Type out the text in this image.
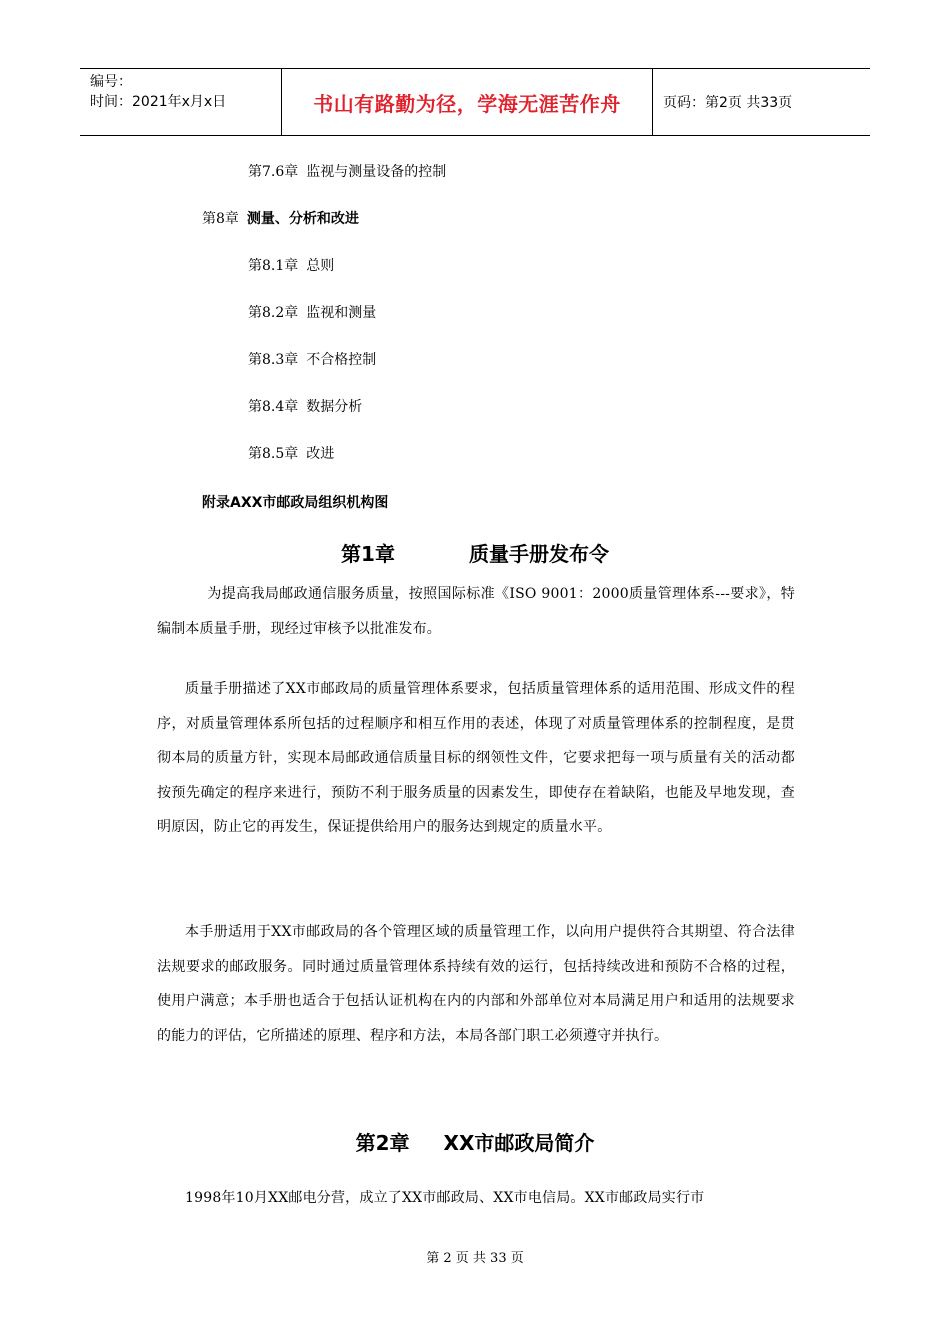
编号：
时间：2021年x月x日	书山有路勤为径，学海无涯苦作舟	页码：第2页 共33页
第7.6章 监视与测量设备的控制
第8章 测量、分析和改进
第8.1章 总则
第8.2章 监视和测量
第8.3章 不合格控制
第8.4章 数据分析
第8.5章 改进
附录AXX市邮政局组织机构图
第1章	质量手册发布令

为提高我局邮政通信服务质量，按照国际标准《ISO 9001：2000质量管理体系---要求》，特编制本质量手册，现经过审核予以批准发布。

质量手册描述了XX市邮政局的质量管理体系要求，包括质量管理体系的适用范围、形成文件的程序，对质量管理体系所包括的过程顺序和相互作用的表述，体现了对质量管理体系的控制程度，是贯彻本局的质量方针，实现本局邮政通信质量目标的纲领性文件，它要求把每一项与质量有关的活动都按预先确定的程序来进行，预防不利于服务质量的因素发生，即使存在着缺陷，也能及早地发现，查明原因，防止它的再发生，保证提供给用户的服务达到规定的质量水平。

本手册适用于XX市邮政局的各个管理区域的质量管理工作，以向用户提供符合其期望、符合法律法规要求的邮政服务。同时通过质量管理体系持续有效的运行，包括持续改进和预防不合格的过程，使用户满意；本手册也适合于包括认证机构在内的内部和外部单位对本局满足用户和适用的法规要求的能力的评估，它所描述的原理、程序和方法，本局各部门职工必须遵守并执行。

第2章 XX市邮政局简介

1998年10月XX邮电分营，成立了XX市邮政局、XX市电信局。XX市邮政局实行市

第 2 页 共 33 页
